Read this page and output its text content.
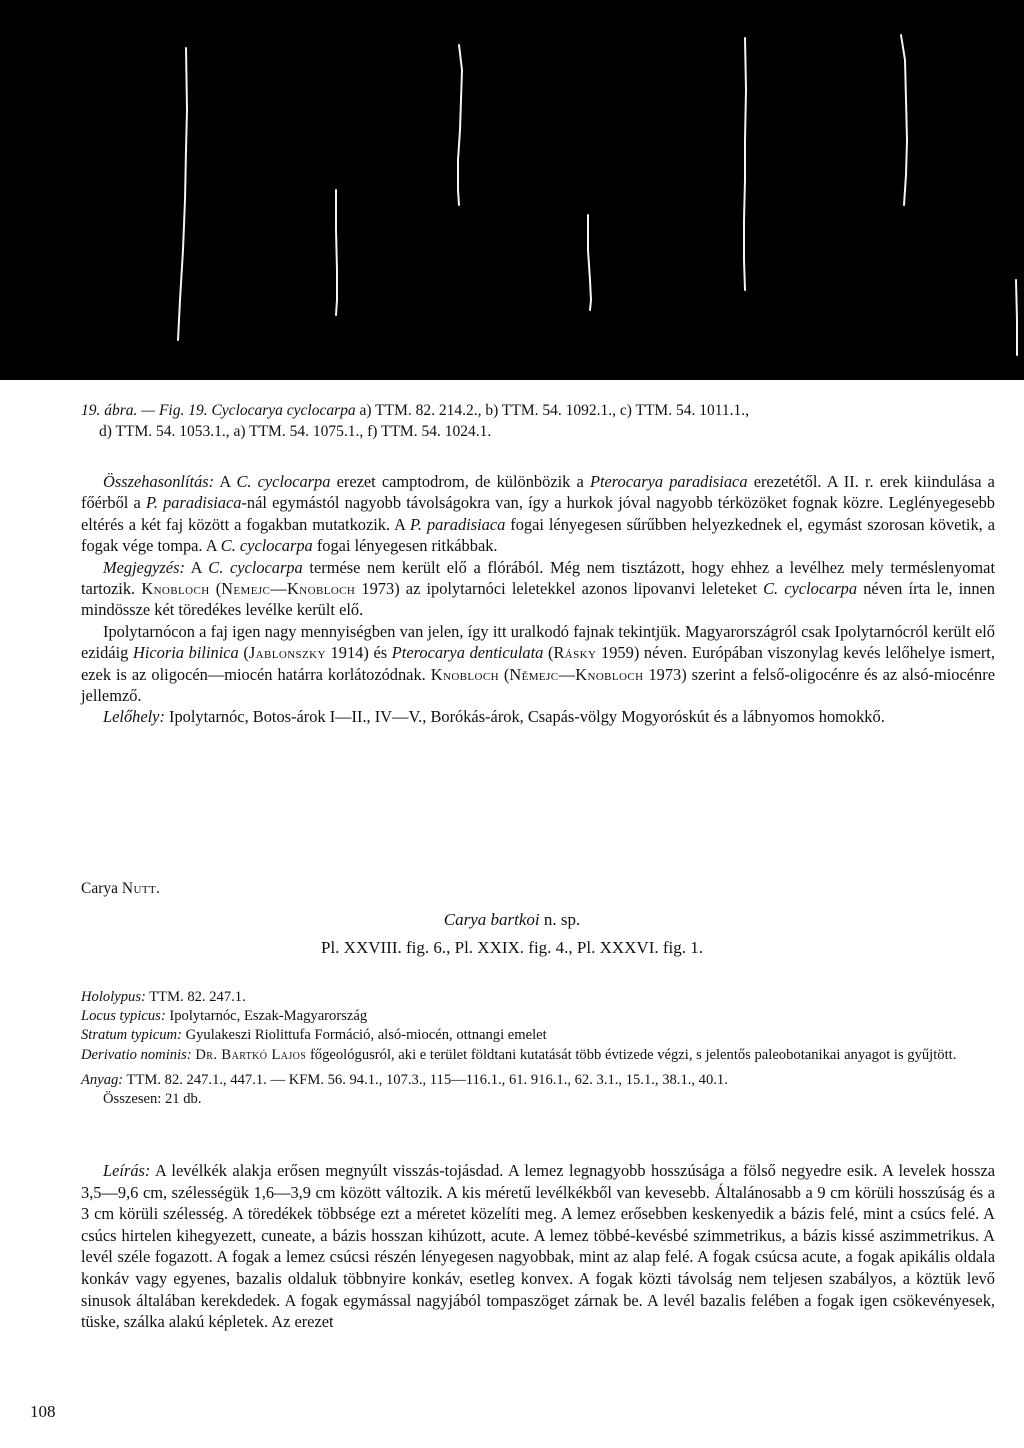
19. ábra. — Fig. 19. Cyclocarya cyclocarpa a) TTM. 82. 214.2., b) TTM. 54. 1092.1., c) TTM. 54. 1011.1.,
d) TTM. 54. 1053.1., a) TTM. 54. 1075.1., f) TTM. 54. 1024.1.

Összehasonlítás: A C. cyclocarpa erezet camptodrom, de különbözik a Pterocarya paradisiaca erezetétől. A II. r. erek kiindulása a főérből a P. paradisiaca-nál egymástól nagyobb távolságokra van, így a hurkok jóval nagyobb térközöket fognak közre. Leglényegesebb eltérés a két faj között a fogakban mutatkozik. A P. paradisiaca fogai lényegesen sűrűbben helyezkednek el, egymást szorosan követik, a fogak vége tompa. A C. cyclocarpa fogai lényegesen ritkábbak.

Megjegyzés: A C. cyclocarpa termése nem került elő a flórából. Még nem tisztázott, hogy ehhez a levélhez mely terméslenyomat tartozik. Knobloch (Nemejc—Knobloch 1973) az ipolytarnóci leletekkel azonos lipovanvi leleteket C. cyclocarpa néven írta le, innen mindössze két töredékes levélke került elő.

Ipolytarnócon a faj igen nagy mennyiségben van jelen, így itt uralkodó fajnak tekintjük. Magyarországról csak Ipolytarnócról került elő ezidáig Hicoria bilinica (Jablonszky 1914) és Pterocarya denticulata (Rásky 1959) néven. Európában viszonylag kevés lelőhelye ismert, ezek is az oligocén—miocén határra korlátozódnak. Knobloch (Němejc—Knobloch 1973) szerint a felső-oligocénre és az alsó-miocénre jellemző.

Lelőhely: Ipolytarnóc, Botos-árok I—II., IV—V., Borókás-árok, Csapás-völgy Mogyoróskút és a lábnyomos homokkő.

Carya Nutt.
Carya bartkoi n. sp.
Pl. XXVIII. fig. 6., Pl. XXIX. fig. 4., Pl. XXXVI. fig. 1.
Hololypus: TTM. 82. 247.1.
Locus typicus: Ipolytarnóc, Eszak-Magyarország
Stratum typicum: Gyulakeszi Riolittufa Formáció, alsó-miocén, ottnangi emelet
Derivatio nominis: Dr. Bartkó Lajos főgeológusról, aki e terület földtani kutatását több évtizede végzi, s jelentős paleobotanikai anyagot is gyűjtött.
Anyag: TTM. 82. 247.1., 447.1. — KFM. 56. 94.1., 107.3., 115—116.1., 61. 916.1., 62. 3.1., 15.1., 38.1., 40.1.
Összesen: 21 db.

Leírás: A levélkék alakja erősen megnyúlt visszás-tojásdad. A lemez legnagyobb hosszúsága a fölső negyedre esik. A levelek hossza 3,5—9,6 cm, szélességük 1,6—3,9 cm között változik. A kis méretű levélkékből van kevesebb. Általánosabb a 9 cm körüli hosszúság és a 3 cm körüli szélesség. A töredékek többsége ezt a méretet közelíti meg. A lemez erősebben keskenyedik a bázis felé, mint a csúcs felé. A csúcs hirtelen kihegyezett, cuneate, a bázis hosszan kihúzott, acute. A lemez többé-kevésbé szimmetrikus, a bázis kissé aszimmetrikus. A levél széle fogazott. A fogak a lemez csúcsi részén lényegesen nagyobbak, mint az alap felé. A fogak csúcsa acute, a fogak apikális oldala konkáv vagy egyenes, bazalis oldaluk többnyire konkáv, esetleg konvex. A fogak közti távolság nem teljesen szabályos, a köztük levő sinusok általában kerekdedek. A fogak egymással nagyjából tompaszöget zárnak be. A levél bazalis felében a fogak igen csökevényesek, tüske, szálka alakú képletek. Az erezet

108
